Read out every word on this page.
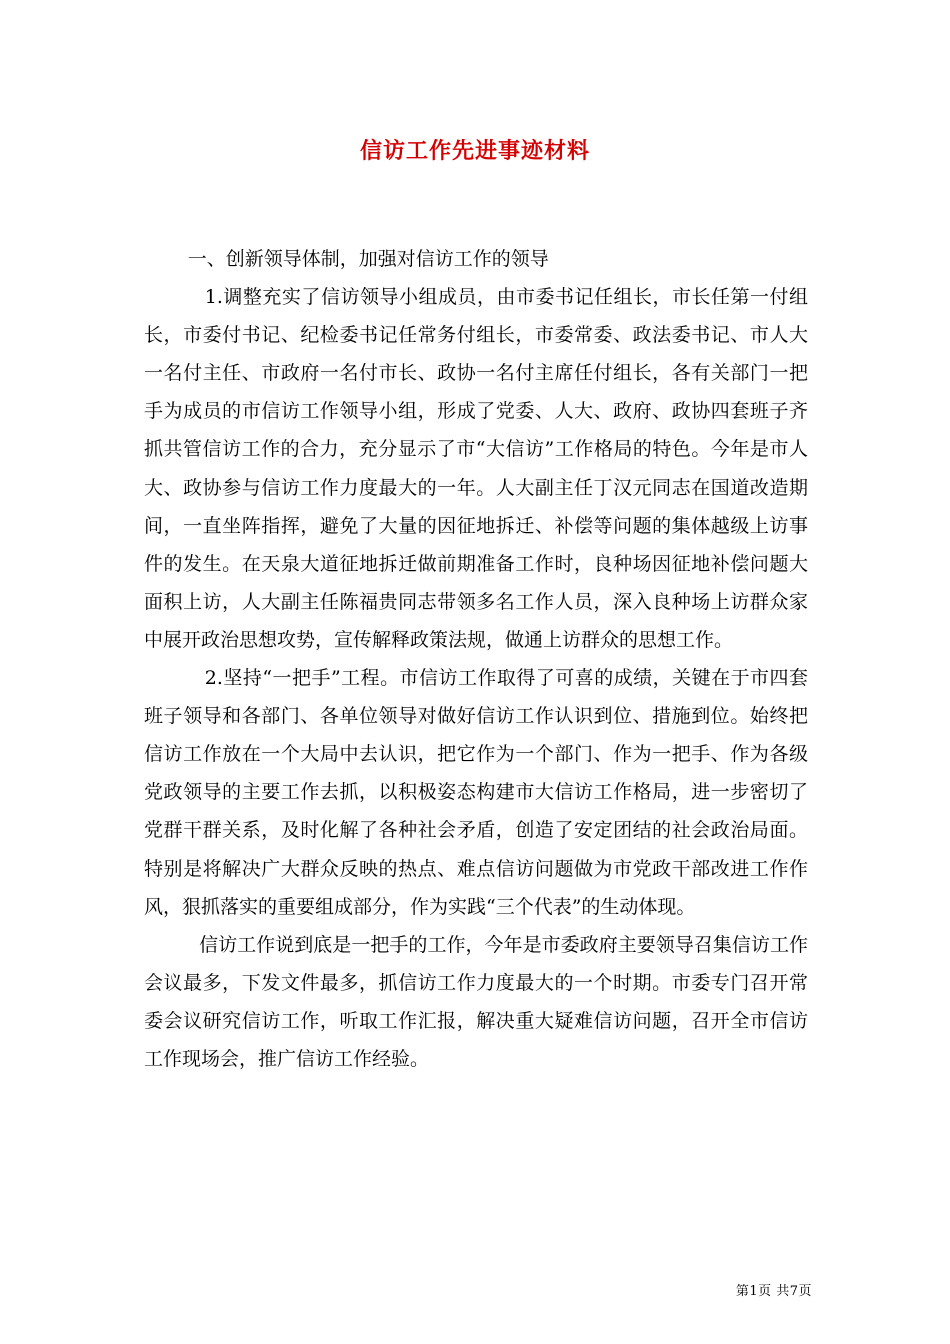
信访工作先进事迹材料

一、创新领导体制，加强对信访工作的领导

1.调整充实了信访领导小组成员，由市委书记任组长，市长任第一付组长，市委付书记、纪检委书记任常务付组长，市委常委、政法委书记、市人大一名付主任、市政府一名付市长、政协一名付主席任付组长，各有关部门一把手为成员的市信访工作领导小组，形成了党委、人大、政府、政协四套班子齐抓共管信访工作的合力，充分显示了市“大信访”工作格局的特色。今年是市人大、政协参与信访工作力度最大的一年。人大副主任丁汉元同志在国道改造期间，一直坐阵指挥，避免了大量的因征地拆迁、补偿等问题的集体越级上访事件的发生。在天泉大道征地拆迁做前期准备工作时，良种场因征地补偿问题大面积上访，人大副主任陈福贵同志带领多名工作人员，深入良种场上访群众家中展开政治思想攻势，宣传解释政策法规，做通上访群众的思想工作。

2.坚持“一把手”工程。市信访工作取得了可喜的成绩，关键在于市四套班子领导和各部门、各单位领导对做好信访工作认识到位、措施到位。始终把信访工作放在一个大局中去认识，把它作为一个部门、作为一把手、作为各级党政领导的主要工作去抓，以积极姿态构建市大信访工作格局，进一步密切了党群干群关系，及时化解了各种社会矛盾，创造了安定团结的社会政治局面。特别是将解决广大群众反映的热点、难点信访问题做为市党政干部改进工作作风，狠抓落实的重要组成部分，作为实践“三个代表”的生动体现。

信访工作说到底是一把手的工作，今年是市委政府主要领导召集信访工作会议最多，下发文件最多，抓信访工作力度最大的一个时期。市委专门召开常委会议研究信访工作，听取工作汇报，解决重大疑难信访问题，召开全市信访工作现场会，推广信访工作经验。

第1页 共7页
